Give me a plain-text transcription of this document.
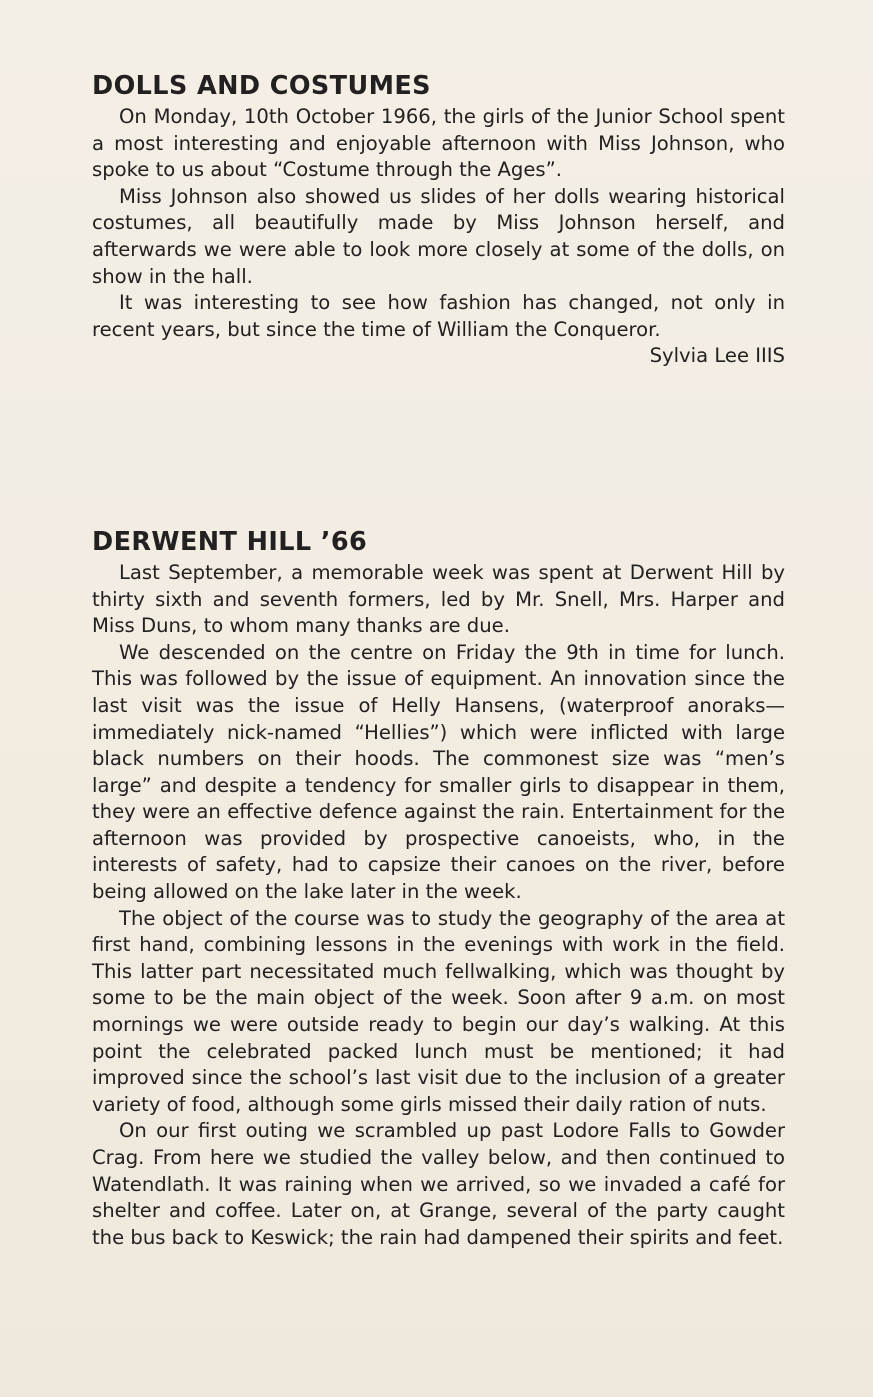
DOLLS AND COSTUMES

On Monday, 10th October 1966, the girls of the Junior School spent a most interesting and enjoyable afternoon with Miss Johnson, who spoke to us about “Costume through the Ages”.

Miss Johnson also showed us slides of her dolls wearing historical costumes, all beautifully made by Miss Johnson herself, and afterwards we were able to look more closely at some of the dolls, on show in the hall.

It was interesting to see how fashion has changed, not only in recent years, but since the time of William the Conqueror.

Sylvia Lee IIIS

DERWENT HILL ’66

Last September, a memorable week was spent at Derwent Hill by thirty sixth and seventh formers, led by Mr. Snell, Mrs. Harper and Miss Duns, to whom many thanks are due.

We descended on the centre on Friday the 9th in time for lunch. This was followed by the issue of equipment. An innovation since the last visit was the issue of Helly Hansens, (waterproof anoraks—immediately nick-named “Hellies”) which were inflicted with large black numbers on their hoods. The commonest size was “men’s large” and despite a tendency for smaller girls to disappear in them, they were an effective defence against the rain. Entertainment for the afternoon was provided by prospective canoeists, who, in the interests of safety, had to capsize their canoes on the river, before being allowed on the lake later in the week.

The object of the course was to study the geography of the area at first hand, combining lessons in the evenings with work in the field. This latter part necessitated much fellwalking, which was thought by some to be the main object of the week. Soon after 9 a.m. on most mornings we were outside ready to begin our day’s walking. At this point the celebrated packed lunch must be mentioned; it had improved since the school’s last visit due to the inclusion of a greater variety of food, although some girls missed their daily ration of nuts.

On our first outing we scrambled up past Lodore Falls to Gowder Crag. From here we studied the valley below, and then continued to Watendlath. It was raining when we arrived, so we invaded a café for shelter and coffee. Later on, at Grange, several of the party caught the bus back to Keswick; the rain had dampened their spirits and feet.
